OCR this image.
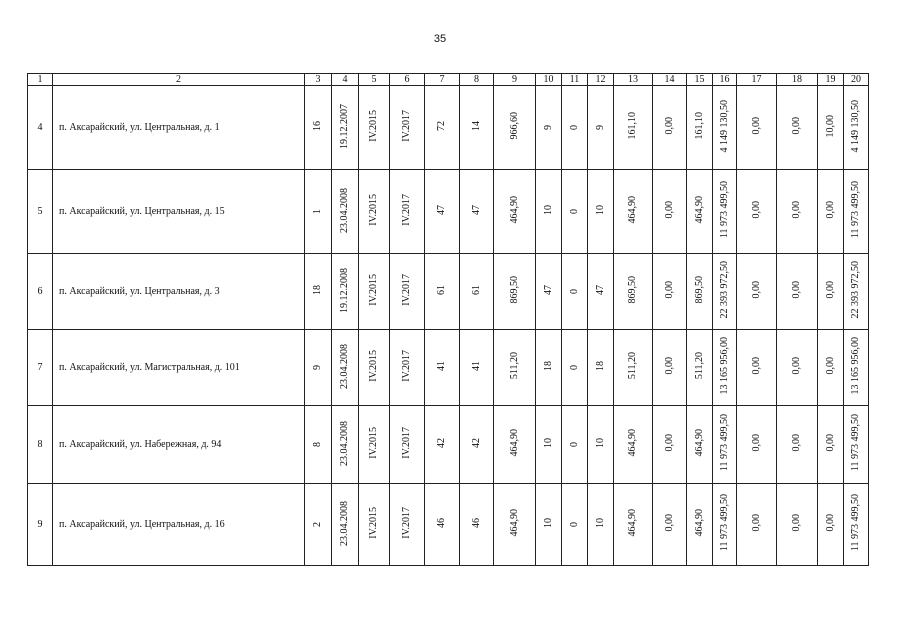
35
1	2	3	4	5	6	7	8	9	10	11	12	13	14	15	16	17	18	19	20
4	п. Аксарайский, ул. Центральная, д. 1	16	19.12.2007	IV.2015	IV.2017	72	14	966,60	9	0	9	161,10	0,00	161,10	4 149 130,50	0,00	0,00	10,00	4 149 130,50
5	п. Аксарайский, ул. Центральная, д. 15	1	23.04.2008	IV.2015	IV.2017	47	47	464,90	10	0	10	464,90	0,00	464,90	11 973 499,50	0,00	0,00	0,00	11 973 499,50
6	п. Аксарайский, ул. Центральная, д. 3	18	19.12.2008	IV.2015	IV.2017	61	61	869,50	47	0	47	869,50	0,00	869,50	22 393 972,50	0,00	0,00	0,00	22 393 972,50
7	п. Аксарайский, ул. Магистральная, д. 101	9	23.04.2008	IV.2015	IV.2017	41	41	511,20	18	0	18	511,20	0,00	511,20	13 165 956,00	0,00	0,00	0,00	13 165 956,00
8	п. Аксарайский, ул. Набережная, д. 94	8	23.04.2008	IV.2015	IV.2017	42	42	464,90	10	0	10	464,90	0,00	464,90	11 973 499,50	0,00	0,00	0,00	11 973 499,50
9	п. Аксарайский, ул. Центральная, д. 16	2	23.04.2008	IV.2015	IV.2017	46	46	464,90	10	0	10	464,90	0,00	464,90	11 973 499,50	0,00	0,00	0,00	11 973 499,50
